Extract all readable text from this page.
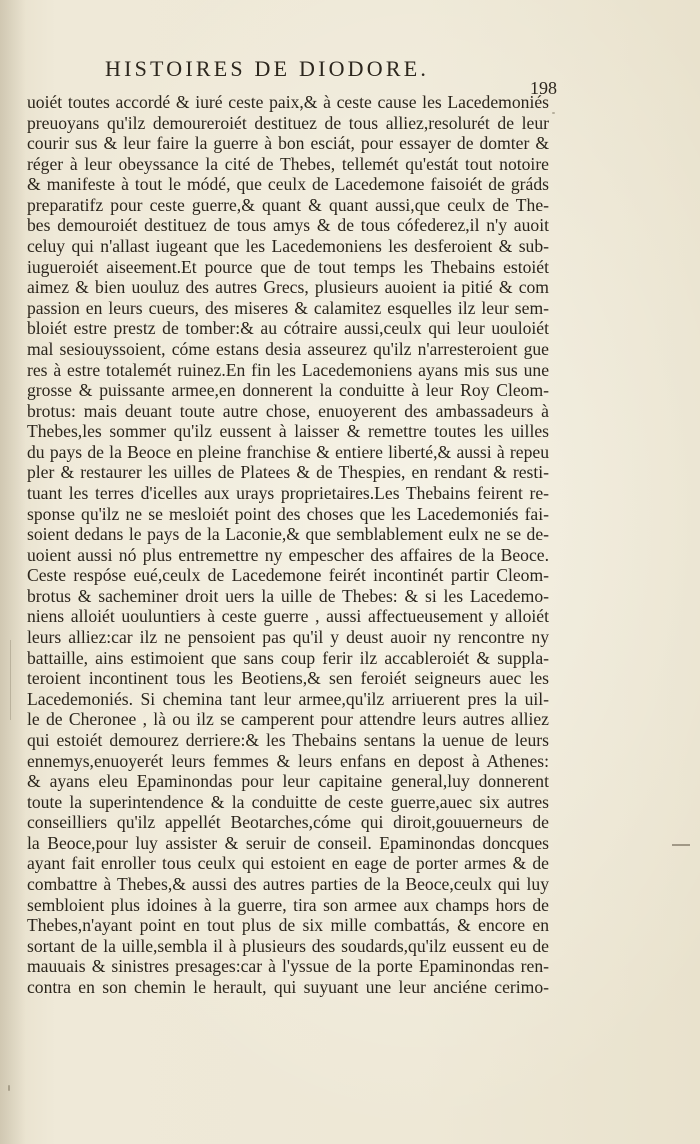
HISTOIRES DE DIODORE.
198
uoiét toutes accordé & iuré ceste paix,& à ceste cause les Lacedemoniés
preuoyans qu'ilz demoureroiét destituez de tous alliez,resolurét de leur
courir sus & leur faire la guerre à bon esciát, pour essayer de domter &
réger à leur obeyssance la cité de Thebes, tellemét qu'estát tout notoire
& manifeste à tout le módé, que ceulx de Lacedemone faisoiét de gráds
preparatifz pour ceste guerre,& quant & quant aussi,que ceulx de The-
bes demouroiét destituez de tous amys & de tous cófederez,il n'y auoit
celuy qui n'allast iugeant que les Lacedemoniens les desferoient & sub-
iugueroiét aiseement.Et pource que de tout temps les Thebains estoiét
aimez & bien uouluz des autres Grecs, plusieurs auoient ia pitié & com
passion en leurs cueurs, des miseres & calamitez esquelles ilz leur sem-
bloiét estre prestz de tomber:& au cótraire aussi,ceulx qui leur uouloiét
mal sesiouyssoient, cóme estans desia asseurez qu'ilz n'arresteroient gue
res à estre totalemét ruinez.En fin les Lacedemoniens ayans mis sus une
grosse & puissante armee,en donnerent la conduitte à leur Roy Cleom-
brotus: mais deuant toute autre chose, enuoyerent des ambassadeurs à
Thebes,les sommer qu'ilz eussent à laisser & remettre toutes les uilles
du pays de la Beoce en pleine franchise & entiere liberté,& aussi à repeu
pler & restaurer les uilles de Platees & de Thespies, en rendant & resti-
tuant les terres d'icelles aux urays proprietaires.Les Thebains feirent re-
sponse qu'ilz ne se mesloiét point des choses que les Lacedemoniés fai-
soient dedans le pays de la Laconie,& que semblablement eulx ne se de-
uoient aussi nó plus entremettre ny empescher des affaires de la Beoce.
Ceste respóse eué,ceulx de Lacedemone feirét incontinét partir Cleom-
brotus & sacheminer droit uers la uille de Thebes: & si les Lacedemo-
niens alloiét uouluntiers à ceste guerre , aussi affectueusement y alloiét
leurs alliez:car ilz ne pensoient pas qu'il y deust auoir ny rencontre ny
battaille, ains estimoient que sans coup ferir ilz accableroiét & suppla-
teroient incontinent tous les Beotiens,& sen feroiét seigneurs auec les
Lacedemoniés. Si chemina tant leur armee,qu'ilz arriuerent pres la uil-
le de Cheronee , là ou ilz se camperent pour attendre leurs autres alliez
qui estoiét demourez derriere:& les Thebains sentans la uenue de leurs
ennemys,enuoyerét leurs femmes & leurs enfans en depost à Athenes:
& ayans eleu Epaminondas pour leur capitaine general,luy donnerent
toute la superintendence & la conduitte de ceste guerre,auec six autres
conseilliers qu'ilz appellét Beotarches,cóme qui diroit,gouuerneurs de
la Beoce,pour luy assister & seruir de conseil. Epaminondas doncques
ayant fait enroller tous ceulx qui estoient en eage de porter armes & de
combattre à Thebes,& aussi des autres parties de la Beoce,ceulx qui luy
sembloient plus idoines à la guerre, tira son armee aux champs hors de
Thebes,n'ayant point en tout plus de six mille combattás, & encore en
sortant de la uille,sembla il à plusieurs des soudards,qu'ilz eussent eu de
mauuais & sinistres presages:car à l'yssue de la porte Epaminondas ren-
contra en son chemin le herault, qui suyuant une leur anciéne cerimo-
